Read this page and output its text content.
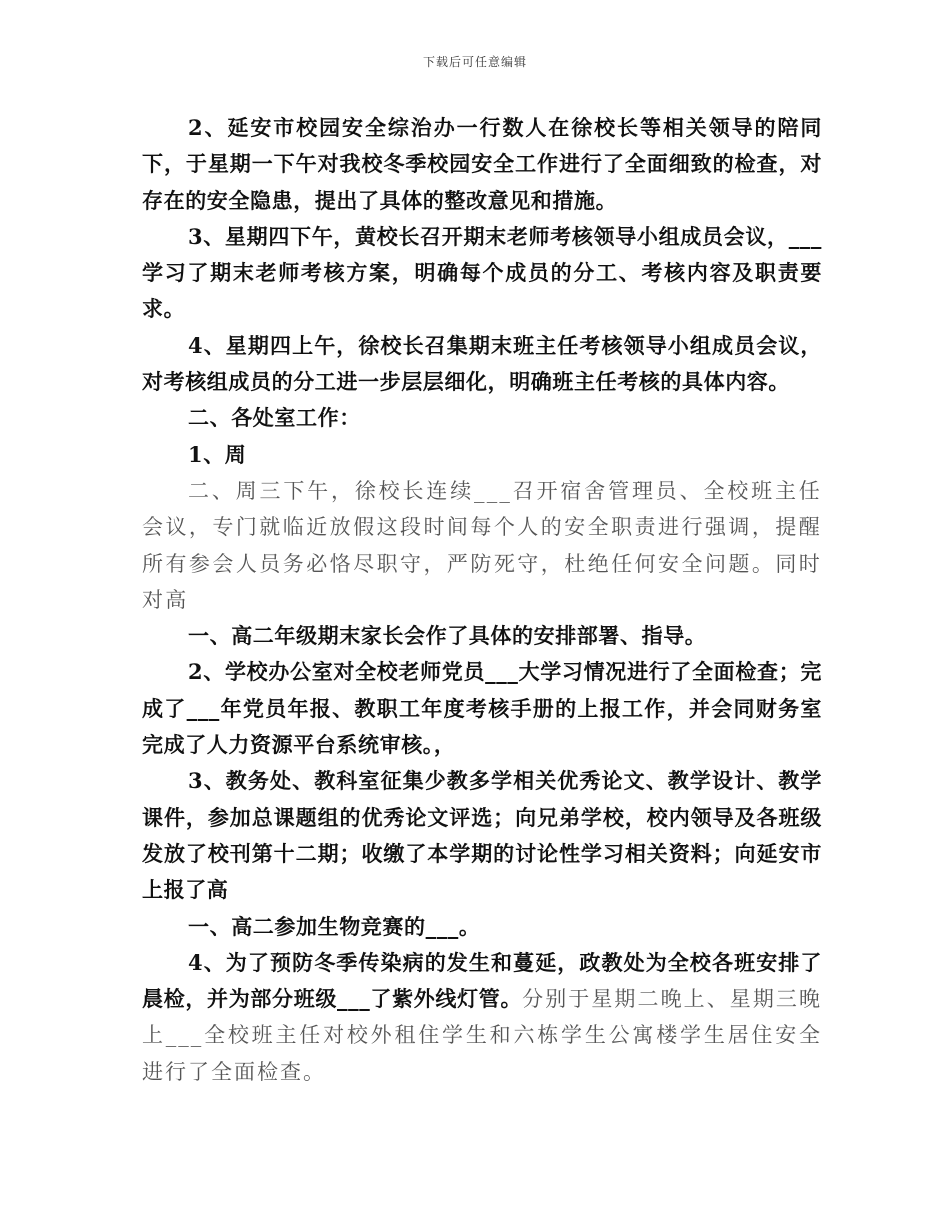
下载后可任意编辑

2、延安市校园安全综治办一行数人在徐校长等相关领导的陪同下，于星期一下午对我校冬季校园安全工作进行了全面细致的检查，对存在的安全隐患，提出了具体的整改意见和措施。

3、星期四下午，黄校长召开期末老师考核领导小组成员会议，___学习了期末老师考核方案，明确每个成员的分工、考核内容及职责要求。

4、星期四上午，徐校长召集期末班主任考核领导小组成员会议，对考核组成员的分工进一步层层细化，明确班主任考核的具体内容。

二、各处室工作：

1、周

二、周三下午，徐校长连续___召开宿舍管理员、全校班主任会议，专门就临近放假这段时间每个人的安全职责进行强调，提醒所有参会人员务必恪尽职守，严防死守，杜绝任何安全问题。同时对高

一、高二年级期末家长会作了具体的安排部署、指导。

2、学校办公室对全校老师党员___大学习情况进行了全面检查；完成了___年党员年报、教职工年度考核手册的上报工作，并会同财务室完成了人力资源平台系统审核。，

3、教务处、教科室征集少教多学相关优秀论文、教学设计、教学课件，参加总课题组的优秀论文评选；向兄弟学校，校内领导及各班级发放了校刊第十二期；收缴了本学期的讨论性学习相关资料；向延安市上报了高

一、高二参加生物竞赛的___。

4、为了预防冬季传染病的发生和蔓延，政教处为全校各班安排了晨检，并为部分班级___了紫外线灯管。分别于星期二晚上、星期三晚上___全校班主任对校外租住学生和六栋学生公寓楼学生居住安全进行了全面检查。
